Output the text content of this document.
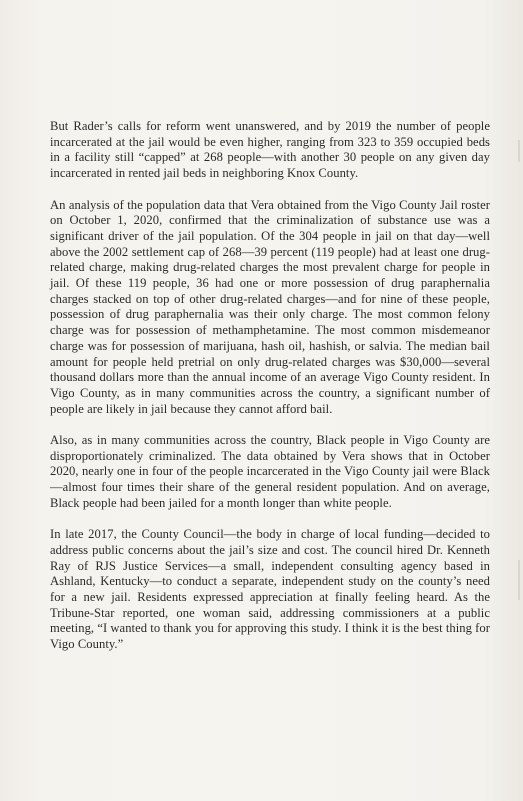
But Rader’s calls for reform went unanswered, and by 2019 the number of people incarcerated at the jail would be even higher, ranging from 323 to 359 occupied beds in a facility still “capped” at 268 people—with another 30 people on any given day incarcerated in rented jail beds in neighboring Knox County.

An analysis of the population data that Vera obtained from the Vigo County Jail roster on October 1, 2020, confirmed that the criminalization of substance use was a significant driver of the jail population. Of the 304 people in jail on that day—well above the 2002 settlement cap of 268—39 percent (119 people) had at least one drug-related charge, making drug-related charges the most prevalent charge for people in jail. Of these 119 people, 36 had one or more possession of drug paraphernalia charges stacked on top of other drug-related charges—and for nine of these people, possession of drug paraphernalia was their only charge. The most common felony charge was for possession of methamphetamine. The most common misdemeanor charge was for possession of marijuana, hash oil, hashish, or salvia. The median bail amount for people held pretrial on only drug-related charges was $30,000—several thousand dollars more than the annual income of an average Vigo County resident. In Vigo County, as in many communities across the country, a significant number of people are likely in jail because they cannot afford bail.

Also, as in many communities across the country, Black people in Vigo County are disproportionately criminalized. The data obtained by Vera shows that in October 2020, nearly one in four of the people incarcerated in the Vigo County jail were Black—almost four times their share of the general resident population. And on average, Black people had been jailed for a month longer than white people.

In late 2017, the County Council—the body in charge of local funding—decided to address public concerns about the jail’s size and cost. The council hired Dr. Kenneth Ray of RJS Justice Services—a small, independent consulting agency based in Ashland, Kentucky—to conduct a separate, independent study on the county’s need for a new jail. Residents expressed appreciation at finally feeling heard. As the Tribune-Star reported, one woman said, addressing commissioners at a public meeting, “I wanted to thank you for approving this study. I think it is the best thing for Vigo County.”
